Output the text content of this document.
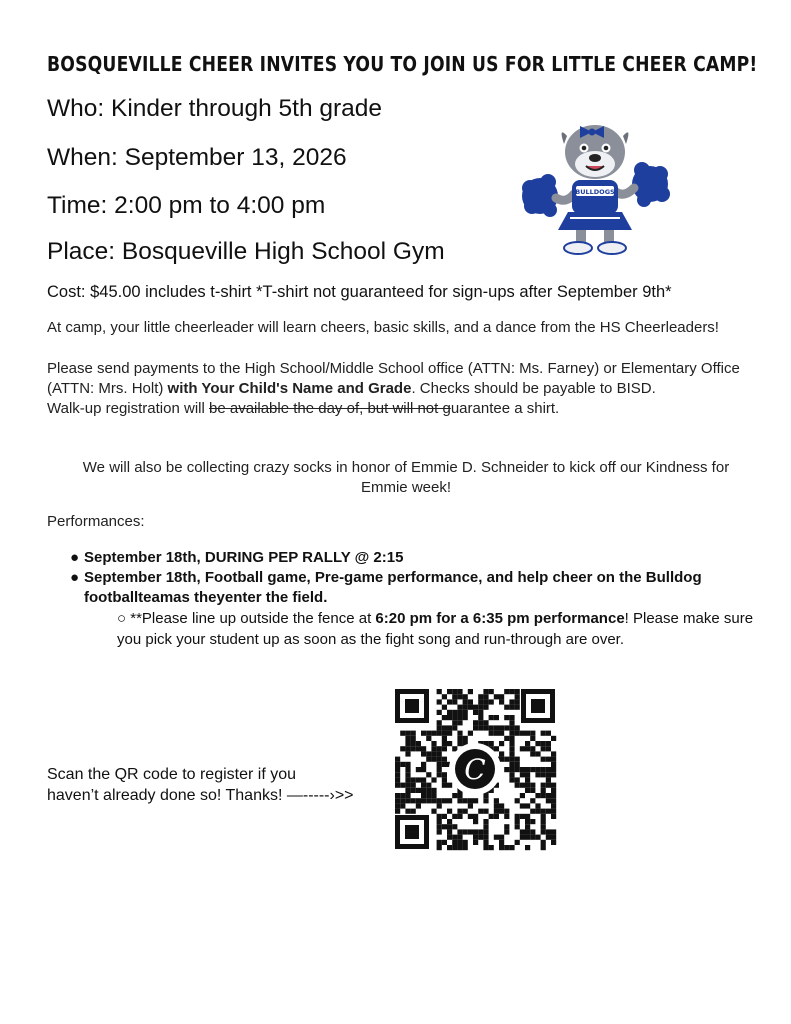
BOSQUEVILLE CHEER INVITES YOU TO JOIN US FOR LITTLE CHEER CAMP!
Who: Kinder through 5th grade
When: September 13, 2026
Time: 2:00 pm to 4:00 pm
Place: Bosqueville High School Gym
BULLDOGS
Cost: $45.00 includes t-shirt *T-shirt not guaranteed for sign-ups after September 9th*
At camp, your little cheerleader will learn cheers, basic skills, and a dance from the HS Cheerleaders!
Please send payments to the High School/Middle School office (ATTN: Ms. Farney) or Elementary Office (ATTN: Mrs. Holt) with Your Child's Name and Grade. Checks should be payable to BISD.
Walk-up registration will be available the day of, but will not guarantee a shirt.
We will also be collecting crazy socks in honor of Emmie D. Schneider to kick off our Kindness for Emmie week!
Performances:
● September 18th, DURING PEP RALLY @ 2:15
● September 18th, Football game, Pre-game performance, and help cheer on the Bulldog footballteamas theyenter the field.
○ **Please line up outside the fence at 6:20 pm for a 6:35 pm performance! Please make sure you pick your student up as soon as the fight song and run-through are over.
Scan the QR code to register if you
haven’t already done so! Thanks! —-----›>>
C
